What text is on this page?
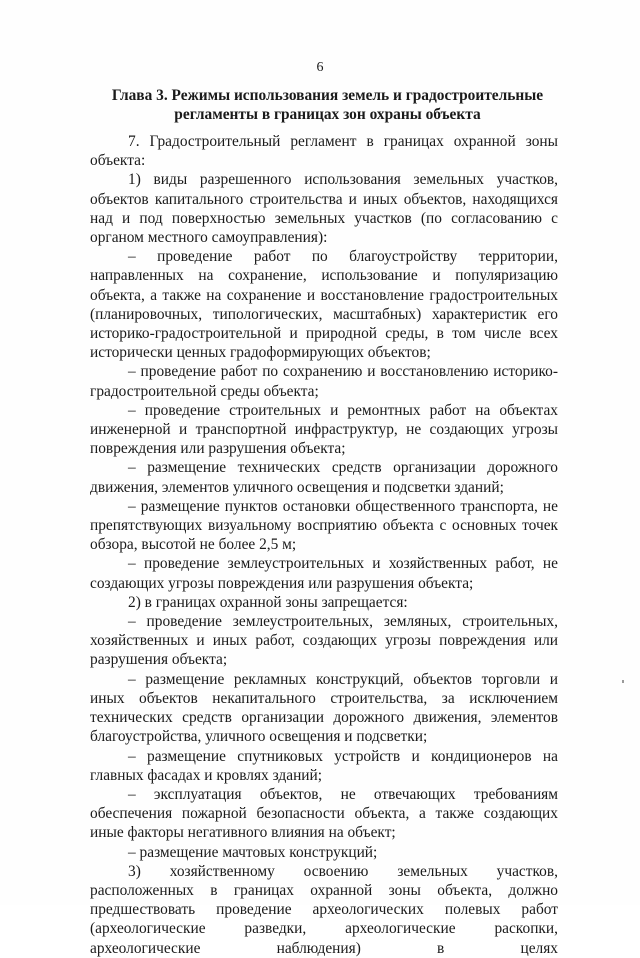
6
Глава 3. Режимы использования земель и градостроительные
регламенты в границах зон охраны объекта

7. Градостроительный регламент в границах охранной зоны объекта:

1) виды разрешенного использования земельных участков, объектов капитального строительства и иных объектов, находящихся над и под поверхностью земельных участков (по согласованию с органом местного самоуправления):

– проведение работ по благоустройству территории, направленных на сохранение, использование и популяризацию объекта, а также на сохранение и восстановление градостроительных (планировочных, типологических, масштабных) характеристик его историко-градостроительной и природной среды, в том числе всех исторически ценных градоформирующих объектов;

– проведение работ по сохранению и восстановлению историко-градостроительной среды объекта;

– проведение строительных и ремонтных работ на объектах инженерной и транспортной инфраструктур, не создающих угрозы повреждения или разрушения объекта;

– размещение технических средств организации дорожного движения, элементов уличного освещения и подсветки зданий;

– размещение пунктов остановки общественного транспорта, не препятствующих визуальному восприятию объекта с основных точек обзора, высотой не более 2,5 м;

– проведение землеустроительных и хозяйственных работ, не создающих угрозы повреждения или разрушения объекта;

2) в границах охранной зоны запрещается:

– проведение землеустроительных, земляных, строительных, хозяйственных и иных работ, создающих угрозы повреждения или разрушения объекта;

– размещение рекламных конструкций, объектов торговли и иных объектов некапитального строительства, за исключением технических средств организации дорожного движения, элементов благоустройства, уличного освещения и подсветки;

– размещение спутниковых устройств и кондиционеров на главных фасадах и кровлях зданий;

– эксплуатация объектов, не отвечающих требованиям обеспечения пожарной безопасности объекта, а также создающих иные факторы негативного влияния на объект;

– размещение мачтовых конструкций;

3) хозяйственному освоению земельных участков, расположенных в границах охранной зоны объекта, должно предшествовать проведение археологических полевых работ (археологические разведки, археологические раскопки, археологические наблюдения) в целях
